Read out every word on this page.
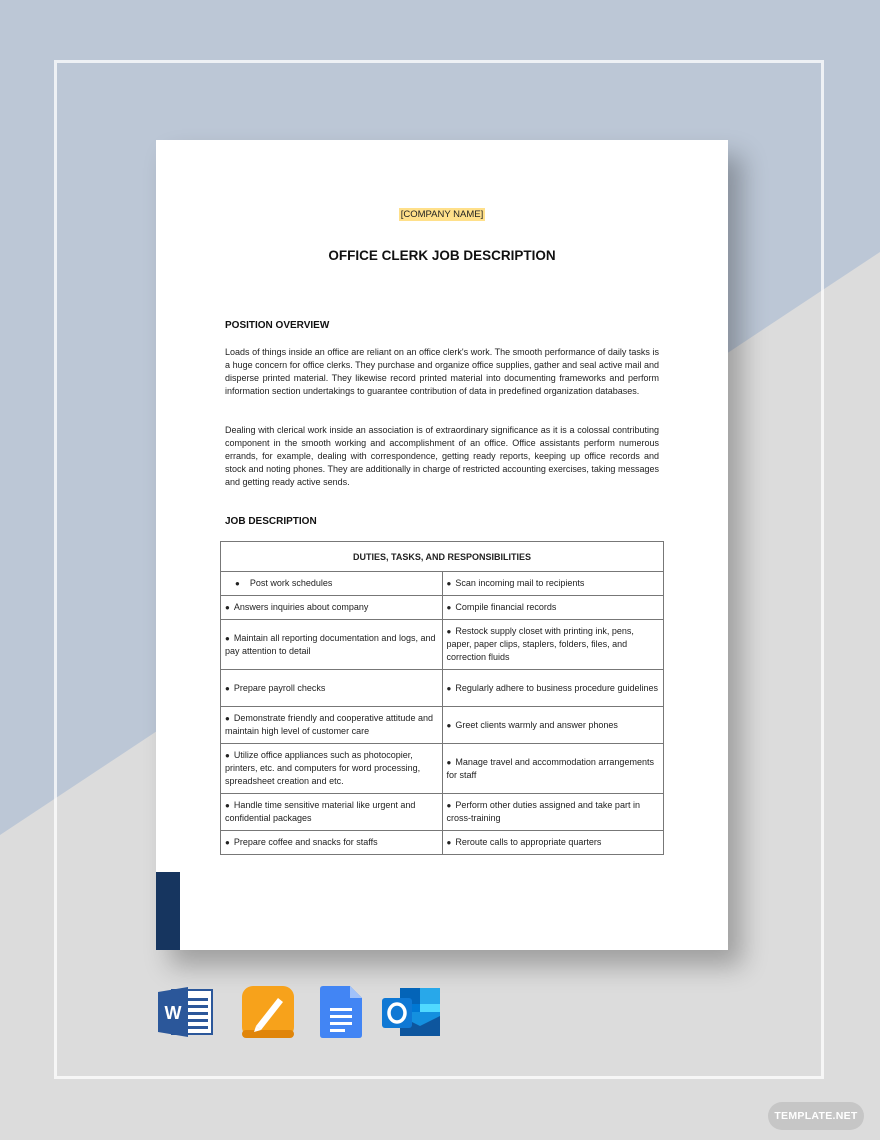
[COMPANY NAME]
OFFICE CLERK JOB DESCRIPTION
POSITION OVERVIEW

Loads of things inside an office are reliant on an office clerk's work. The smooth performance of daily tasks is a huge concern for office clerks. They purchase and organize office supplies, gather and seal active mail and disperse printed material. They likewise record printed material into documenting frameworks and perform information section undertakings to guarantee contribution of data in predefined organization databases.

Dealing with clerical work inside an association is of extraordinary significance as it is a colossal contributing component in the smooth working and accomplishment of an office. Office assistants perform numerous errands, for example, dealing with correspondence, getting ready reports, keeping up office records and stock and noting phones. They are additionally in charge of restricted accounting exercises, taking messages and getting ready active sends.

JOB DESCRIPTION
DUTIES, TASKS, AND RESPONSIBILITIES	
● Post work schedules	● Scan incoming mail to recipients
● Answers inquiries about company	● Compile financial records
● Maintain all reporting documentation and logs, and pay attention to detail	● Restock supply closet with printing ink, pens, paper, paper clips, staplers, folders, files, and correction fluids
● Prepare payroll checks	● Regularly adhere to business procedure guidelines
● Demonstrate friendly and cooperative attitude and maintain high level of customer care	● Greet clients warmly and answer phones
● Utilize office appliances such as photocopier, printers, etc. and computers for word processing, spreadsheet creation and etc.	● Manage travel and accommodation arrangements for staff
● Handle time sensitive material like urgent and confidential packages	● Perform other duties assigned and take part in cross-training
● Prepare coffee and snacks for staffs	● Reroute calls to appropriate quarters
W
TEMPLATE.NET
